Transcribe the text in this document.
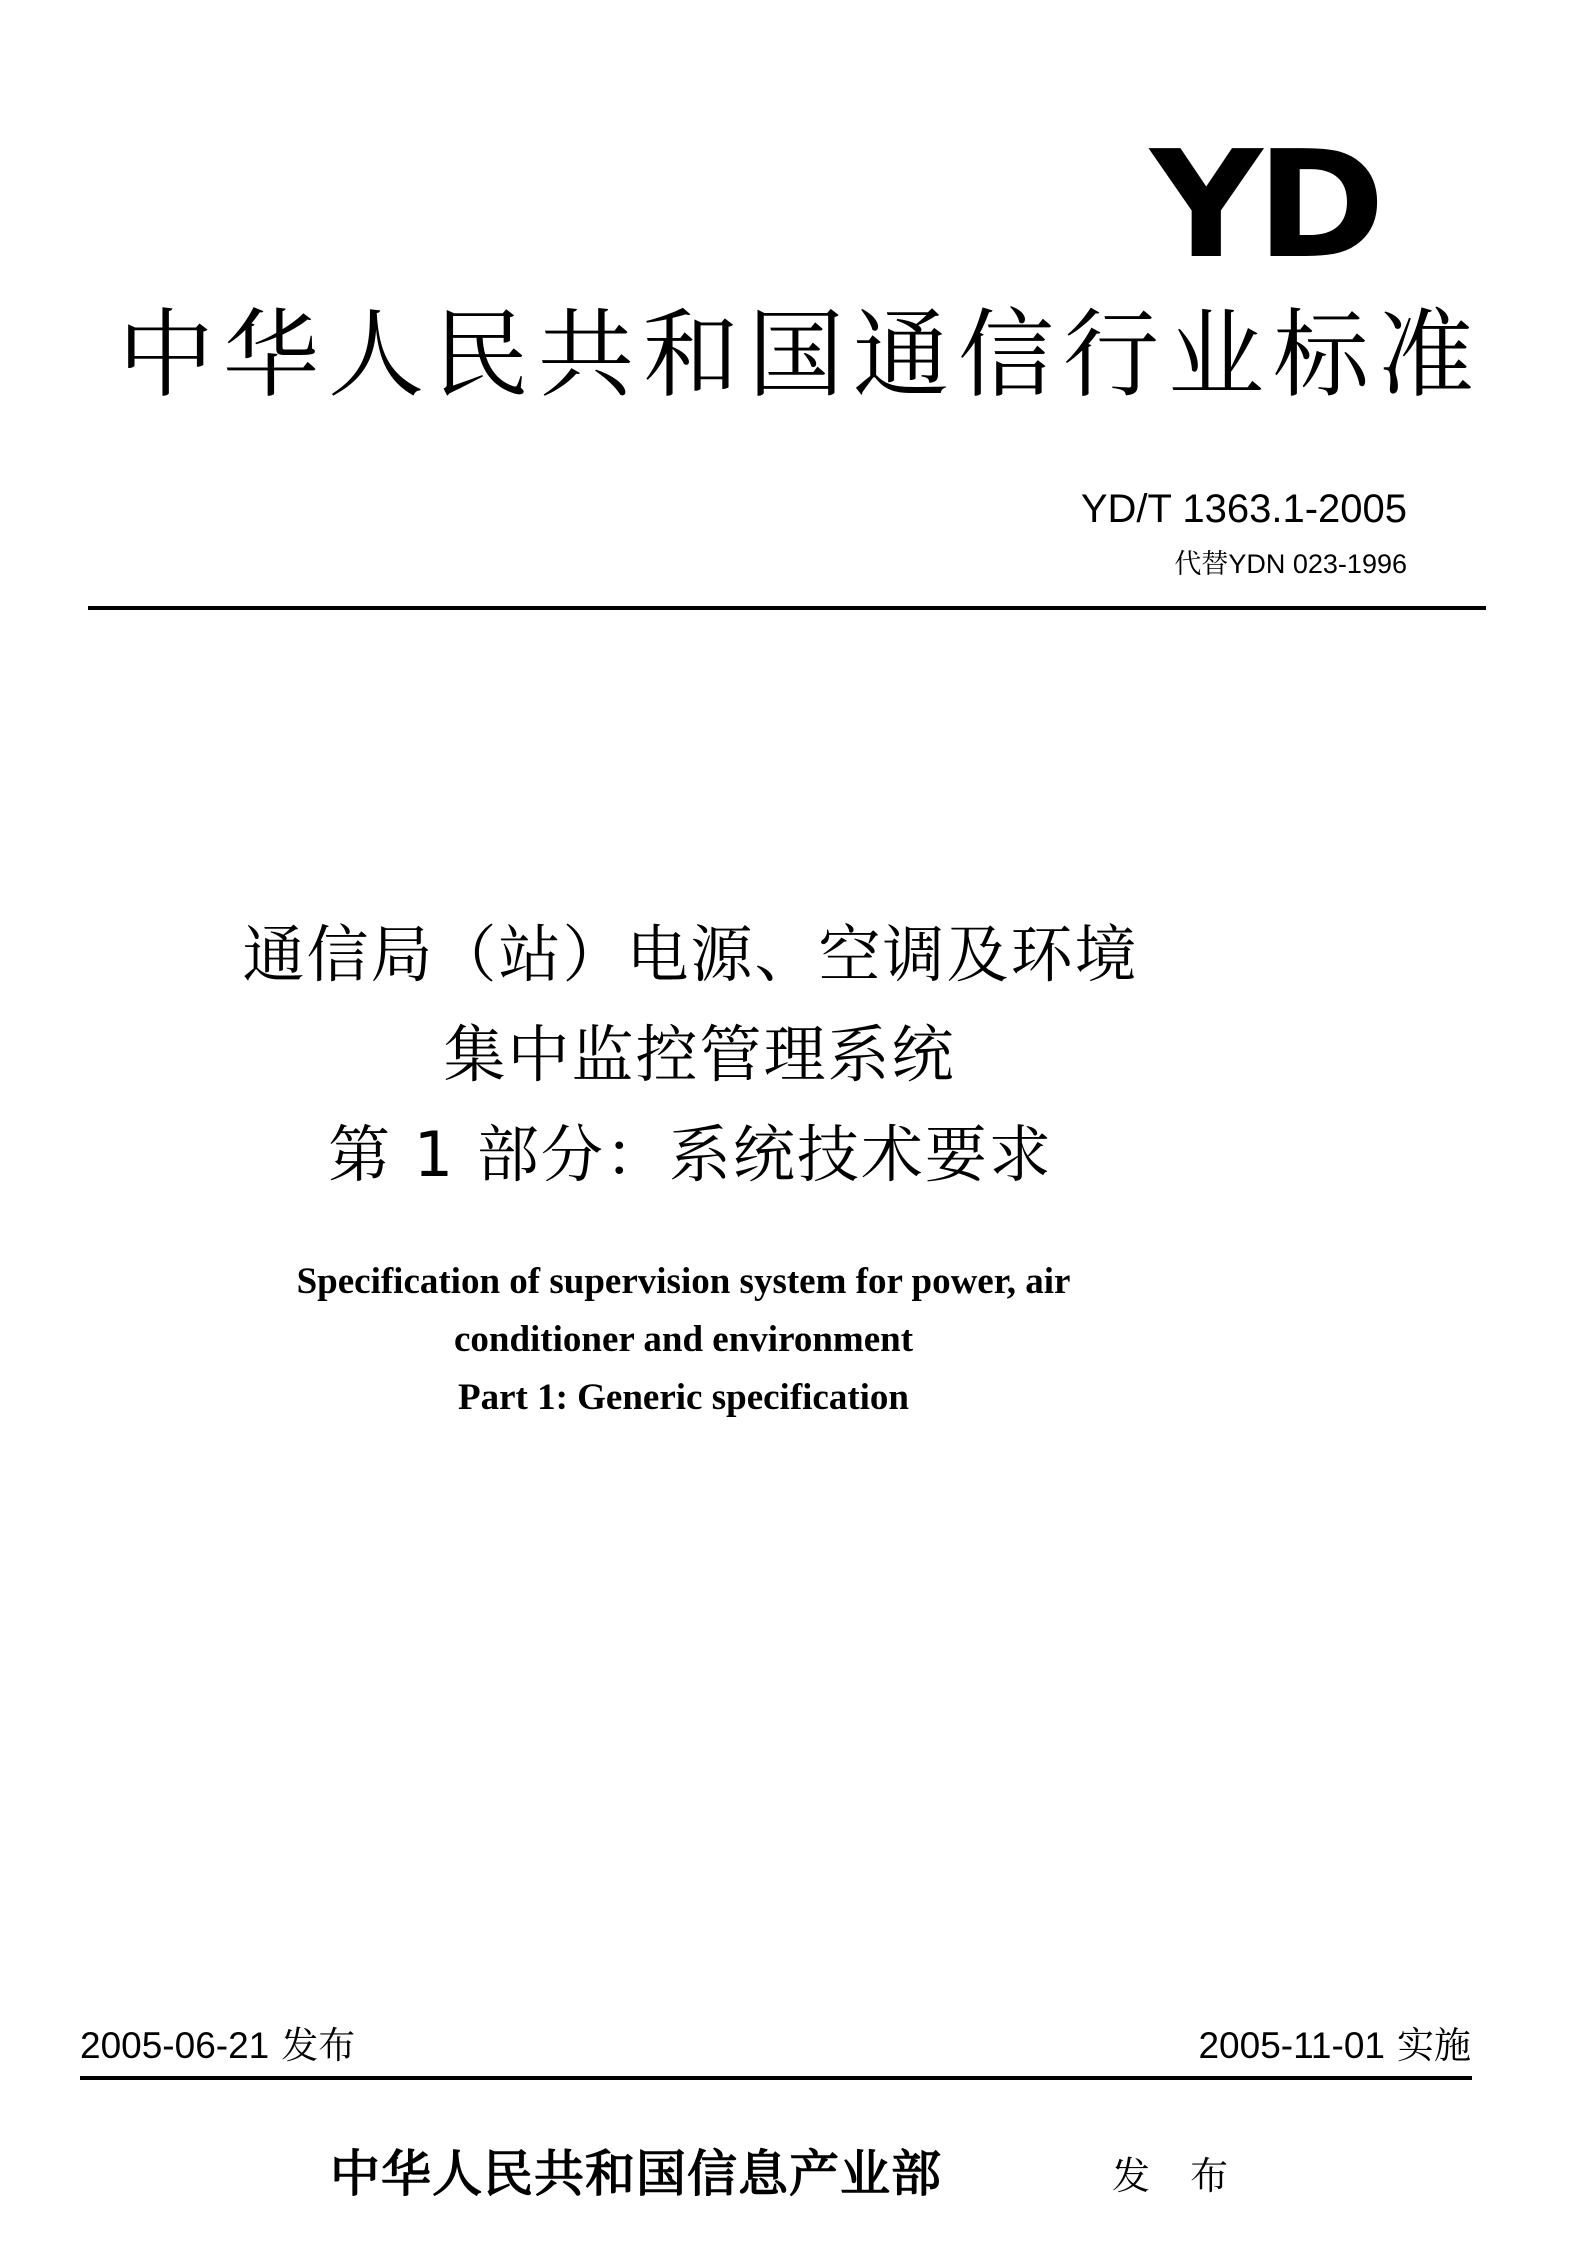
YD
中华人民共和国通信行业标准
YD/T 1363.1-2005
代替YDN 023-1996
通信局（站）电源、空调及环境
集中监控管理系统
第 1 部分：系统技术要求
Specification of supervision system for power, air
conditioner and environment
Part 1: Generic specification
2005-06-21 发布	2005-11-01 实施
中华人民共和国信息产业部	发 布
